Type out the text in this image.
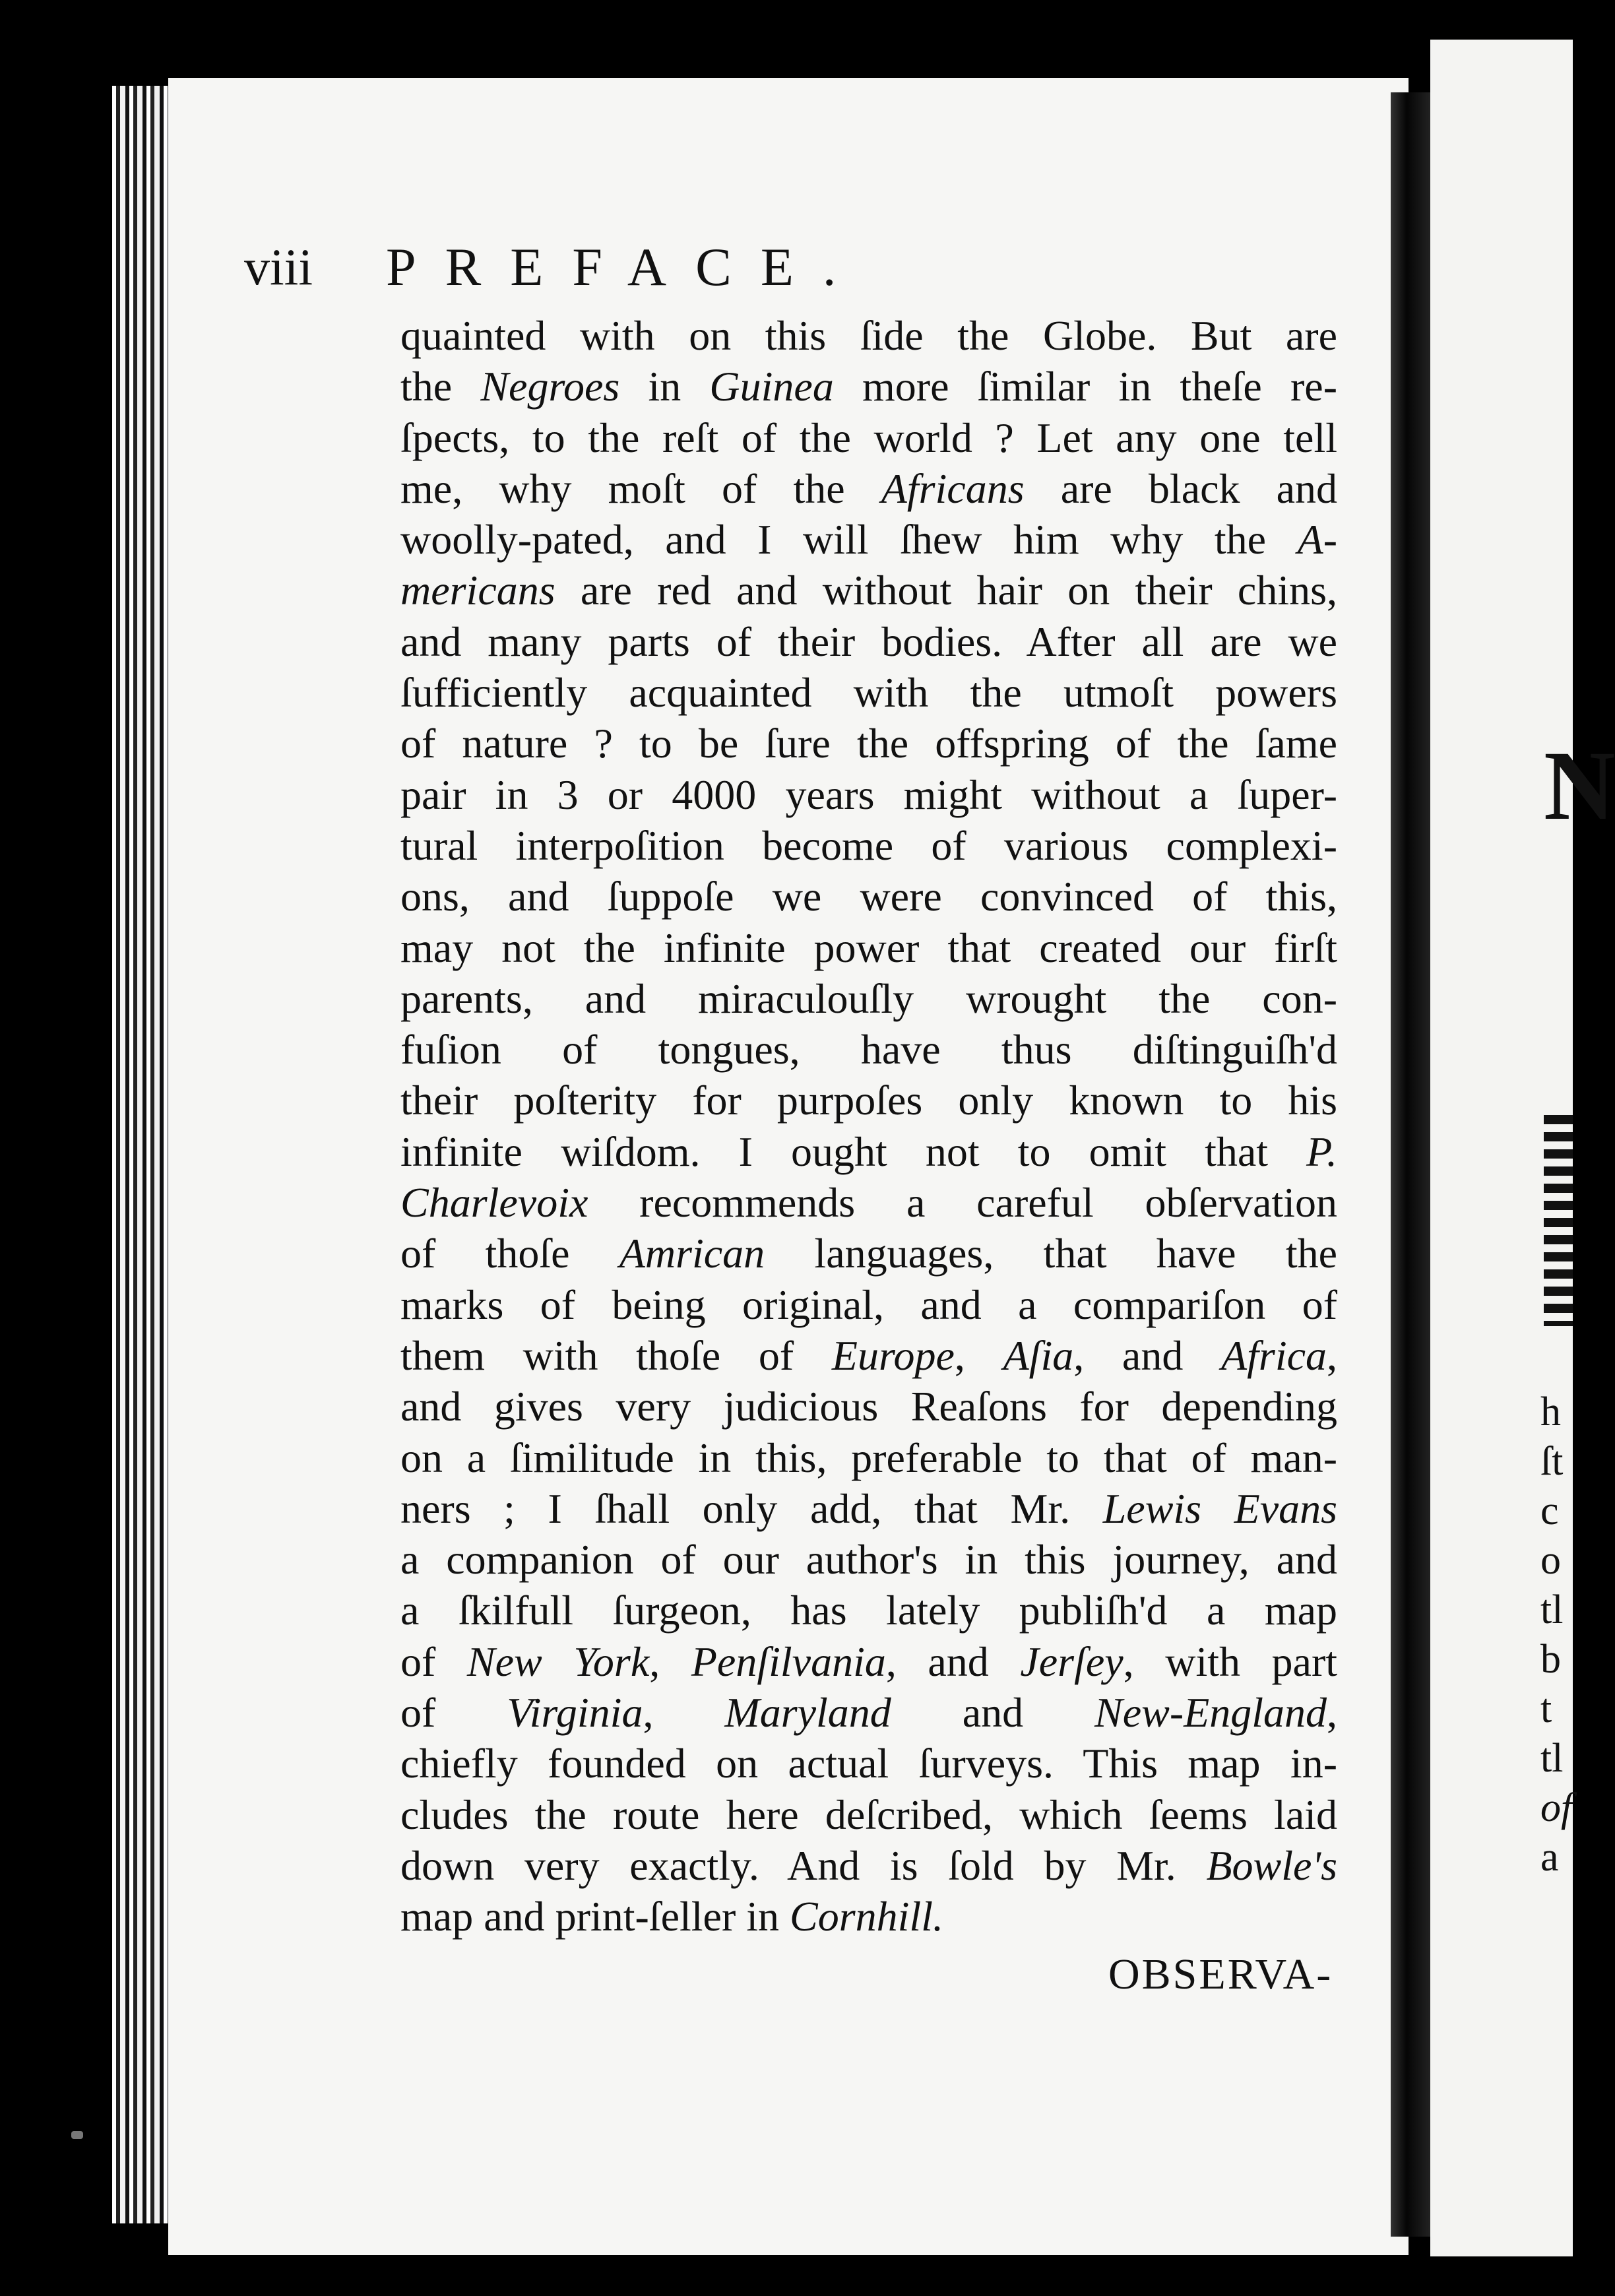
viii PREFACE.
quainted with on this ſide the Globe. But are
the Negroes in Guinea more ſimilar in theſe re-
ſpects, to the reſt of the world ? Let any one tell
me, why moſt of the Africans are black and
woolly-pated, and I will ſhew him why the A-
mericans are red and without hair on their chins,
and many parts of their bodies. After all are we
ſufficiently acquainted with the utmoſt powers
of nature ? to be ſure the offspring of the ſame
pair in 3 or 4000 years might without a ſuper-
tural interpoſition become of various complexi-
ons, and ſuppoſe we were convinced of this,
may not the infinite power that created our firſt
parents, and miraculouſly wrought the con-
fuſion of tongues, have thus diſtinguiſh'd
their poſterity for purpoſes only known to his
infinite wiſdom. I ought not to omit that P.
Charlevoix recommends a careful obſervation
of thoſe Amrican languages, that have the
marks of being original, and a compariſon of
them with thoſe of Europe, Aſia, and Africa,
and gives very judicious Reaſons for depending
on a ſimilitude in this, preferable to that of man-
ners ; I ſhall only add, that Mr. Lewis Evans
a companion of our author's in this journey, and
a ſkilfull ſurgeon, has lately publiſh'd a map
of New York, Penſilvania, and Jerſey, with part
of Virginia, Maryland and New-England,
chiefly founded on actual ſurveys. This map in-
cludes the route here deſcribed, which ſeems laid
down very exactly. And is ſold by Mr. Bowle's
map and print-ſeller in Cornhill.
OBSERVA-
N
h
ſt
c
o
tl
b
t
tl
of
a
